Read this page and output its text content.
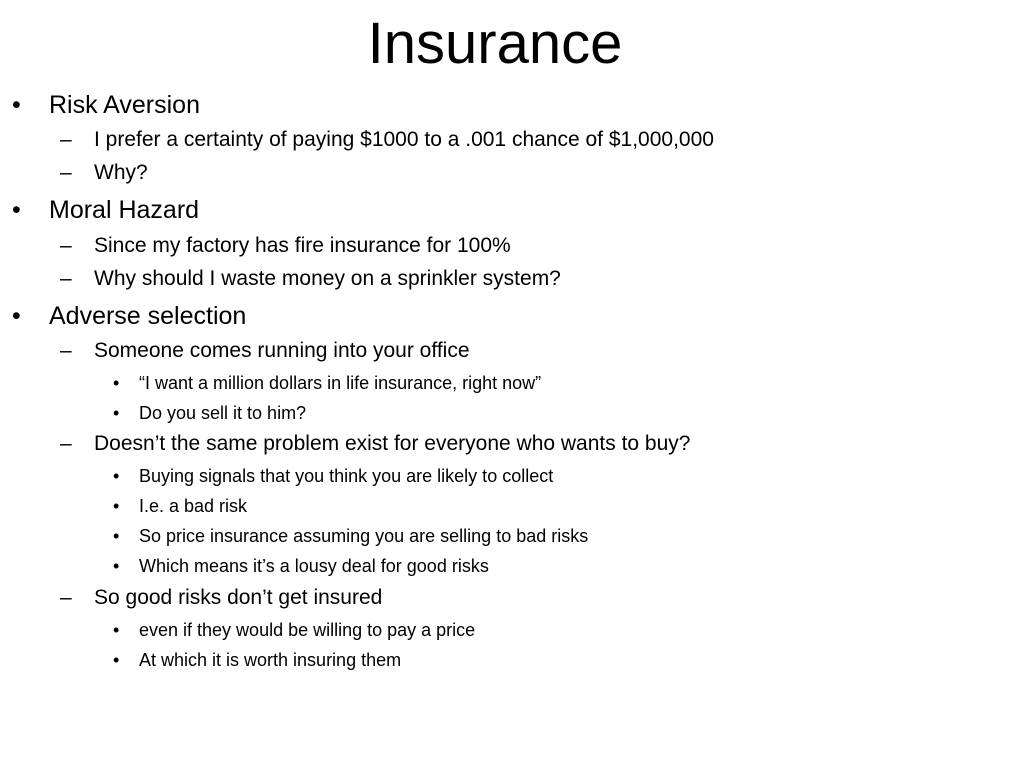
Insurance
• Risk Aversion
– I prefer a certainty of paying $1000 to a .001 chance of $1,000,000
– Why?
• Moral Hazard
– Since my factory has fire insurance for 100%
– Why should I waste money on a sprinkler system?
• Adverse selection
– Someone comes running into your office
• “I want a million dollars in life insurance, right now”
• Do you sell it to him?
– Doesn’t the same problem exist for everyone who wants to buy?
• Buying signals that you think you are likely to collect
• I.e. a bad risk
• So price insurance assuming you are selling to bad risks
• Which means it’s a lousy deal for good risks
– So good risks don’t get insured
• even if they would be willing to pay a price
• At which it is worth insuring them
